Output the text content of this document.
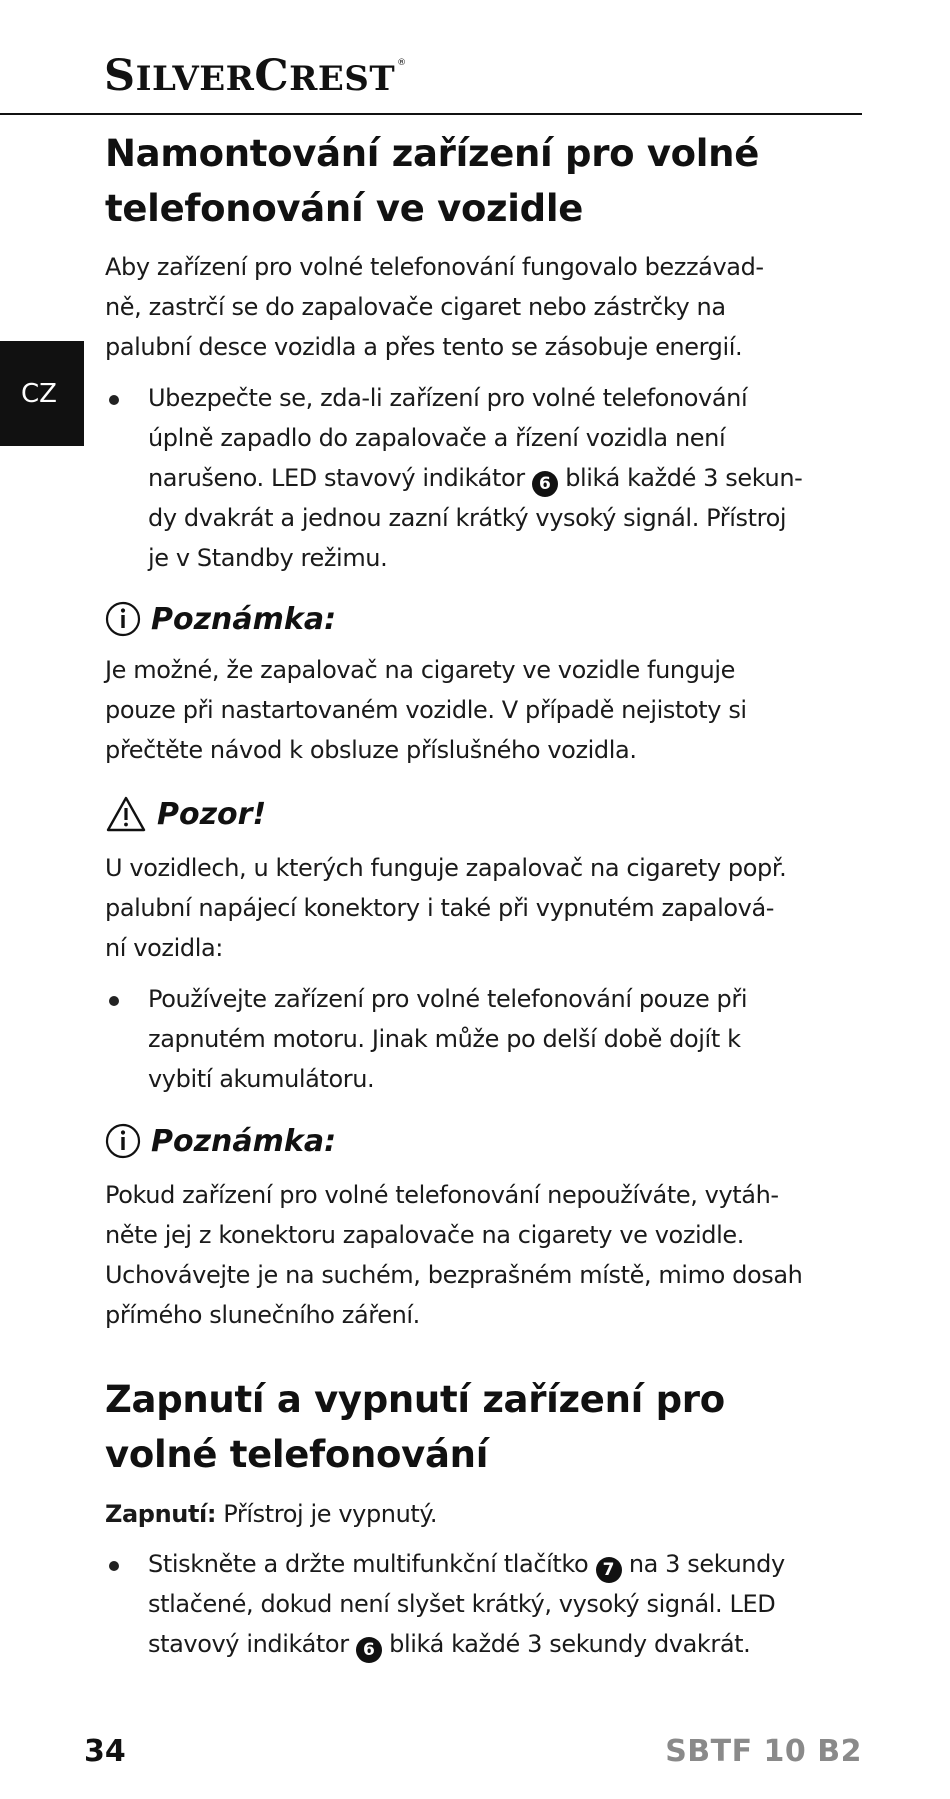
SILVERCREST ®
CZ
Namontování zařízení pro volné
telefonování ve vozidle
Aby zařízení pro volné telefonování fungovalo bezzávad-
ně, zastrčí se do zapalovače cigaret nebo zástrčky na
palubní desce vozidla a přes tento se zásobuje energií.
Ubezpečte se, zda-li zařízení pro volné telefonování
úplně zapadlo do zapalovače a řízení vozidla není
narušeno. LED stavový indikátor 6 bliká každé 3 sekun-
dy dvakrát a jednou zazní krátký vysoký signál. Přístroj
je v Standby režimu.
Poznámka:
Je možné, že zapalovač na cigarety ve vozidle funguje
pouze při nastartovaném vozidle. V případě nejistoty si
přečtěte návod k obsluze příslušného vozidla.
Pozor!
U vozidlech, u kterých funguje zapalovač na cigarety popř.
palubní napájecí konektory i také při vypnutém zapalová-
ní vozidla:
Používejte zařízení pro volné telefonování pouze při
zapnutém motoru. Jinak může po delší době dojít k
vybití akumulátoru.
Poznámka:
Pokud zařízení pro volné telefonování nepoužíváte, vytáh-
něte jej z konektoru zapalovače na cigarety ve vozidle.
Uchovávejte je na suchém, bezprašném místě, mimo dosah
přímého slunečního záření.
Zapnutí a vypnutí zařízení pro
volné telefonování
Zapnutí: Přístroj je vypnutý.
Stiskněte a držte multifunkční tlačítko 7 na 3 sekundy
stlačené, dokud není slyšet krátký, vysoký signál. LED
stavový indikátor 6 bliká každé 3 sekundy dvakrát.
34	SBTF 10 B2
